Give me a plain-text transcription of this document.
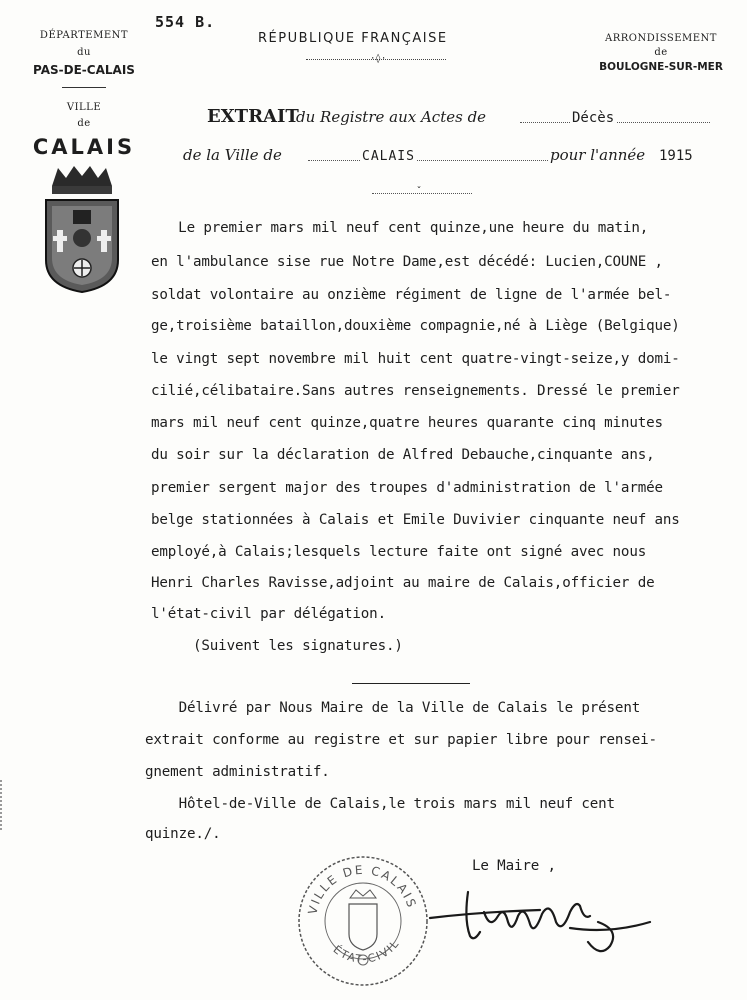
DÉPARTEMENT
du
PAS-DE-CALAIS
VILLE
de
CALAIS
554 B.
RÉPUBLIQUE FRANÇAISE
·◊·
ARRONDISSEMENT
de
BOULOGNE-SUR-MER
EXTRAIT
du Registre aux Actes de	Décès
de la Ville de	CALAIS	pour l'année 1915
ˇ
Le premier mars mil neuf cent quinze,une heure du matin,
en l'ambulance sise rue Notre Dame,est décédé: Lucien,COUNE ,
soldat volontaire au onzième régiment de ligne de l'armée bel-
ge,troisième bataillon,douxième compagnie,né à Liège (Belgique)
le vingt sept novembre mil huit cent quatre-vingt-seize,y domi-
cilié,célibataire.Sans autres renseignements. Dressé le premier
mars mil neuf cent quinze,quatre heures quarante cinq minutes
du soir sur la déclaration de Alfred Debauche,cinquante ans,
premier sergent major des troupes d'administration de l'armée
belge stationnées à Calais et Emile Duvivier cinquante neuf ans
employé,à Calais;lesquels lecture faite ont signé avec nous
Henri Charles Ravisse,adjoint au maire de Calais,officier de
l'état-civil par délégation.
(Suivent les signatures.)
Délivré par Nous Maire de la Ville de Calais le présent
extrait conforme au registre et sur papier libre pour rensei-
gnement administratif.
Hôtel-de-Ville de Calais,le trois mars mil neuf cent
quinze./.
Le Maire ,
VILLE DE CALAIS
ÉTAT-CIVIL
